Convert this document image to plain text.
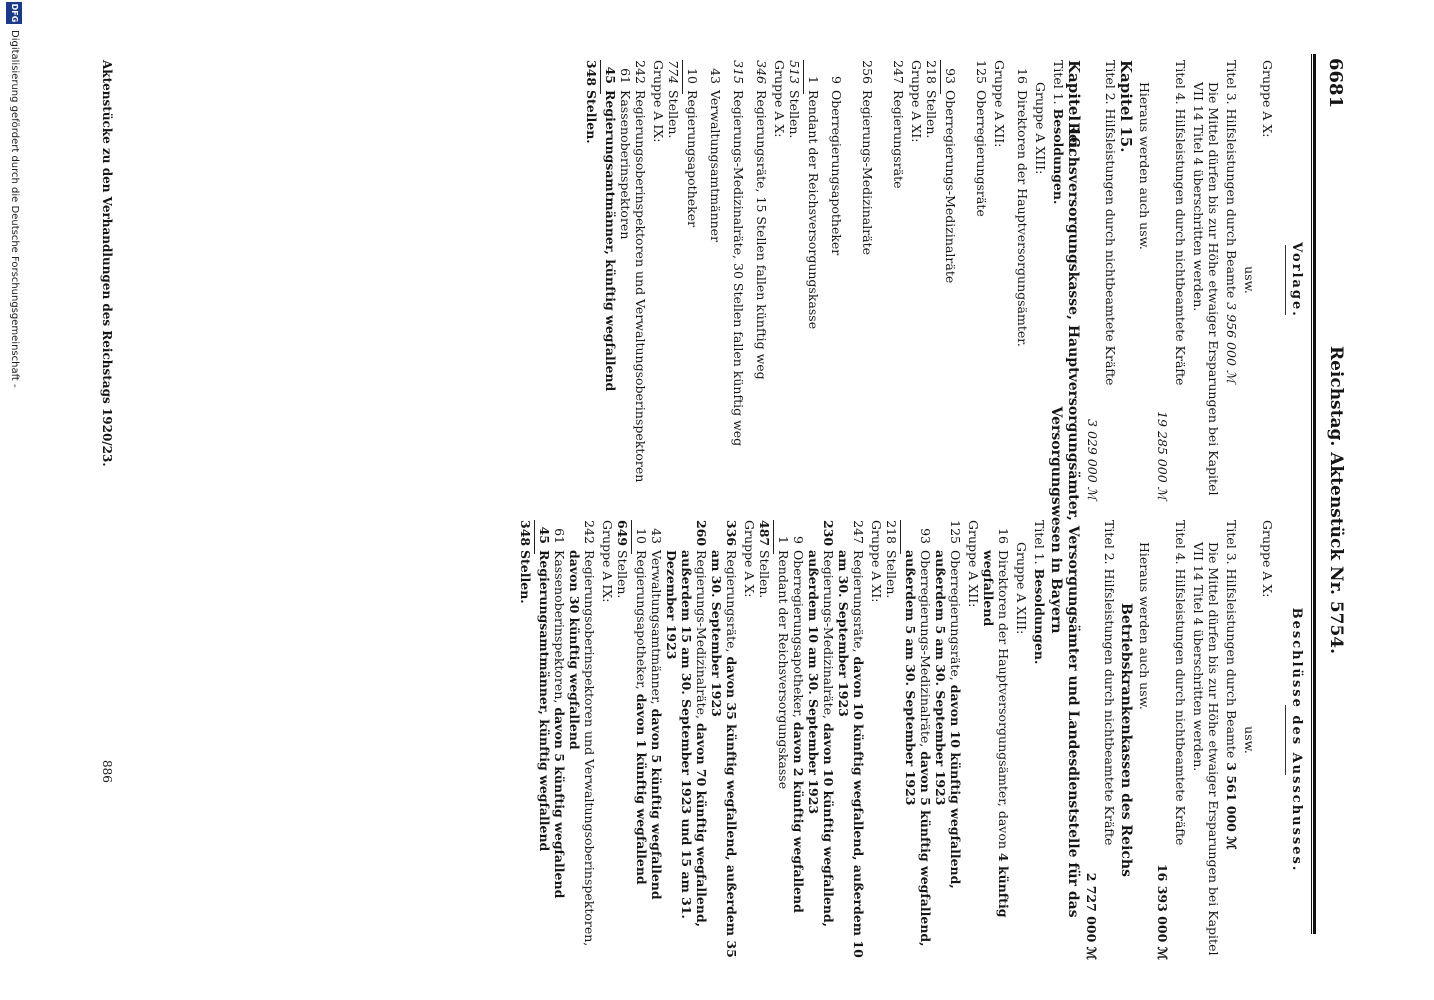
6681
Reichstag. Aktenstück Nr. 5754.
Vorlage.
Gruppe A X:
usw.
Titel 3. Hilfsleistungen durch Beamte 3 956 000 ℳ
Die Mittel dürfen bis zur Höhe etwaiger Ersparungen bei Kapitel VII 14 Titel 4 überschritten werden.
Titel 4. Hilfsleistungen durch nichtbeamtete Kräfte
19 285 000 ℳ
Hieraus werden auch usw.
Kapitel 15.
Titel 2. Hilfsleistungen durch nichtbeamtete Kräfte
3 029 000 ℳ
Kapitel 16.
Titel 1. Besoldungen.
Gruppe A XIII:
16
Direktoren der Hauptversorgungsämter.
Gruppe A XII:
125
Oberregierungsräte
93
Oberregierungs-Medizinalräte
218
Stellen.
Gruppe A XI:
247
Regierungsräte
256
Regierungs-Medizinalräte
9
Oberregierungsapotheker
1
Rendant der Reichsversorgungskasse
513
Stellen.
Gruppe A X:
346
Regierungsräte, 15 Stellen fallen künftig weg
315
Regierungs-Medizinalräte, 30 Stellen fallen künftig weg
43
Verwaltungsamtmänner
10
Regierungsapotheker
774
Stellen.
Gruppe A IX:
242
Regierungsoberinspektoren und Verwaltungsoberinspektoren
61
Kassenoberinspektoren
45
Regierungsamtmänner, künftig wegfallend
348
Stellen.
Beschlüsse des Ausschusses.
Gruppe A X:
usw.
Titel 3. Hilfsleistungen durch Beamte 3 561 000 ℳ
Die Mittel dürfen bis zur Höhe etwaiger Ersparungen bei Kapitel VII 14 Titel 4 überschritten werden.
Titel 4. Hilfsleistungen durch nichtbeamtete Kräfte
16 393 000 ℳ
Hieraus werden auch usw.
Betriebskrankenkassen des Reichs
Titel 2. Hilfsleistungen durch nichtbeamtete Kräfte
2 727 000 ℳ
Reichsversorgungskasse, Hauptversorgungsämter, Versorgungsämter und Landesdienststelle für das Versorgungswesen in Bayern
Titel 1. Besoldungen.
Gruppe A XIII:
16
Direktoren der Hauptversorgungsämter, davon 4 künftig wegfallend
Gruppe A XII:
125
Oberregierungsräte, davon 10 künftig wegfallend, außerdem 5 am 30. September 1923
93
Oberregierungs-Medizinalräte, davon 5 künftig wegfallend, außerdem 5 am 30. September 1923
218
Stellen.
Gruppe A XI:
247
Regierungsräte, davon 10 künftig wegfallend, außerdem 10 am 30. September 1923
230
Regierungs-Medizinalräte, davon 10 künftig wegfallend, außerdem 10 am 30. September 1923
9
Oberregierungsapotheker, davon 2 künftig wegfallend
1
Rendant der Reichsversorgungskasse
487
Stellen.
Gruppe A X:
336
Regierungsräte, davon 35 künftig wegfallend, außerdem 35 am 30. September 1923
260
Regierungs-Medizinalräte, davon 70 künftig wegfallend, außerdem 15 am 30. September 1923 und 15 am 31. Dezember 1923
43
Verwaltungsamtmänner, davon 5 künftig wegfallend
10
Regierungsapotheker, davon 1 künftig wegfallend
649
Stellen.
Gruppe A IX:
242
Regierungsoberinspektoren und Verwaltungsoberinspektoren, davon 30 künftig wegfallend
61
Kassenoberinspektoren, davon 5 künftig wegfallend
45
Regierungsamtmänner, künftig wegfallend
348
Stellen.
Aktenstücke zu den Verhandlungen des Reichstags 1920/23.
886
DFG
Digitalisierung gefördert durch die Deutsche Forschungsgemeinschaft -
